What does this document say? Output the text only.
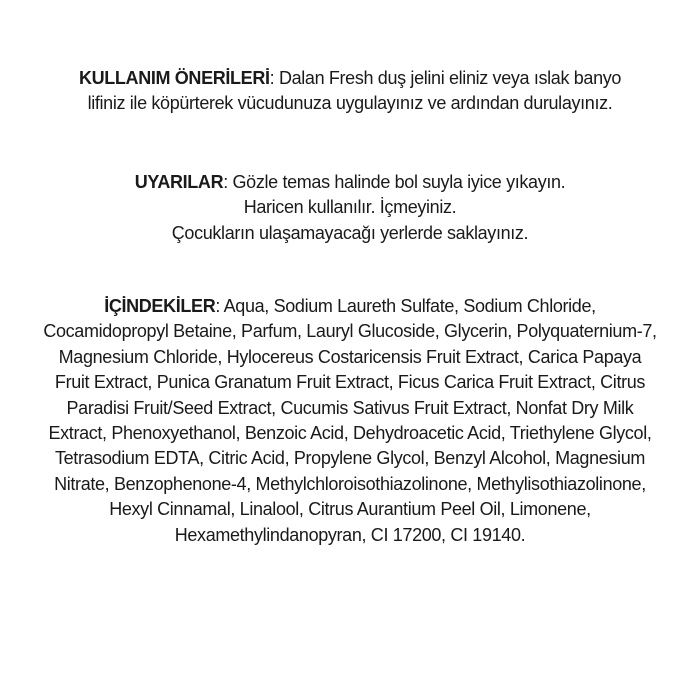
KULLANIM ÖNERİLERİ: Dalan Fresh duş jelini eliniz veya ıslak banyo
lifiniz ile köpürterek vücudunuza uygulayınız ve ardından durulayınız.
UYARILAR: Gözle temas halinde bol suyla iyice yıkayın.
Haricen kullanılır. İçmeyiniz.
Çocukların ulaşamayacağı yerlerde saklayınız.
İÇİNDEKİLER: Aqua, Sodium Laureth Sulfate, Sodium Chloride,
Cocamidopropyl Betaine, Parfum, Lauryl Glucoside, Glycerin, Polyquaternium-7,
Magnesium Chloride, Hylocereus Costaricensis Fruit Extract, Carica Papaya
Fruit Extract, Punica Granatum Fruit Extract, Ficus Carica Fruit Extract, Citrus
Paradisi Fruit/Seed Extract, Cucumis Sativus Fruit Extract, Nonfat Dry Milk
Extract, Phenoxyethanol, Benzoic Acid, Dehydroacetic Acid, Triethylene Glycol,
Tetrasodium EDTA, Citric Acid, Propylene Glycol, Benzyl Alcohol, Magnesium
Nitrate, Benzophenone-4, Methylchloroisothiazolinone, Methylisothiazolinone,
Hexyl Cinnamal, Linalool, Citrus Aurantium Peel Oil, Limonene,
Hexamethylindanopyran, CI 17200, CI 19140.
